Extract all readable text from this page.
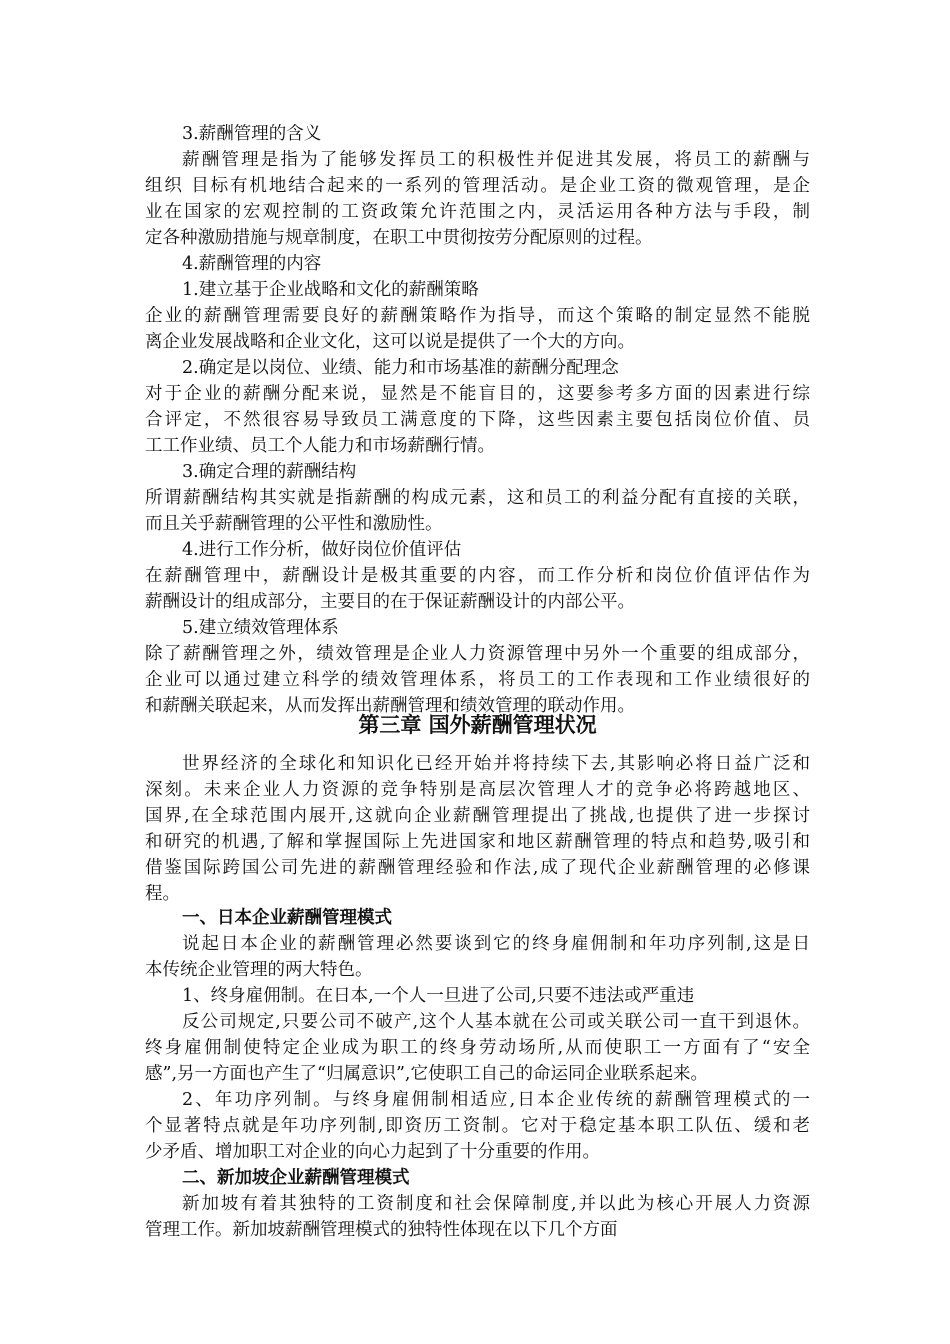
3.薪酬管理的含义
薪酬管理是指为了能够发挥员工的积极性并促进其发展，将员工的薪酬与
组织 目标有机地结合起来的一系列的管理活动。是企业工资的微观管理，是企
业在国家的宏观控制的工资政策允许范围之内，灵活运用各种方法与手段，制
定各种激励措施与规章制度，在职工中贯彻按劳分配原则的过程。
4.薪酬管理的内容
1.建立基于企业战略和文化的薪酬策略
企业的薪酬管理需要良好的薪酬策略作为指导，而这个策略的制定显然不能脱
离企业发展战略和企业文化，这可以说是提供了一个大的方向。
2.确定是以岗位、业绩、能力和市场基准的薪酬分配理念
对于企业的薪酬分配来说，显然是不能盲目的，这要参考多方面的因素进行综
合评定，不然很容易导致员工满意度的下降，这些因素主要包括岗位价值、员
工工作业绩、员工个人能力和市场薪酬行情。
3.确定合理的薪酬结构
所谓薪酬结构其实就是指薪酬的构成元素，这和员工的利益分配有直接的关联，
而且关乎薪酬管理的公平性和激励性。
4.进行工作分析，做好岗位价值评估
在薪酬管理中，薪酬设计是极其重要的内容，而工作分析和岗位价值评估作为
薪酬设计的组成部分，主要目的在于保证薪酬设计的内部公平。
5.建立绩效管理体系
除了薪酬管理之外，绩效管理是企业人力资源管理中另外一个重要的组成部分，
企业可以通过建立科学的绩效管理体系，将员工的工作表现和工作业绩很好的
和薪酬关联起来，从而发挥出薪酬管理和绩效管理的联动作用。
第三章 国外薪酬管理状况
世界经济的全球化和知识化已经开始并将持续下去,其影响必将日益广泛和
深刻。未来企业人力资源的竞争特别是高层次管理人才的竞争必将跨越地区、
国界,在全球范围内展开,这就向企业薪酬管理提出了挑战,也提供了进一步探讨
和研究的机遇,了解和掌握国际上先进国家和地区薪酬管理的特点和趋势,吸引和
借鉴国际跨国公司先进的薪酬管理经验和作法,成了现代企业薪酬管理的必修课
程。
一、日本企业薪酬管理模式
说起日本企业的薪酬管理必然要谈到它的终身雇佣制和年功序列制,这是日
本传统企业管理的两大特色。
1、终身雇佣制。在日本,一个人一旦进了公司,只要不违法或严重违
反公司规定,只要公司不破产,这个人基本就在公司或关联公司一直干到退休。
终身雇佣制使特定企业成为职工的终身劳动场所,从而使职工一方面有了“安全
感”,另一方面也产生了“归属意识”,它使职工自己的命运同企业联系起来。
2、年功序列制。与终身雇佣制相适应,日本企业传统的薪酬管理模式的一
个显著特点就是年功序列制,即资历工资制。它对于稳定基本职工队伍、缓和老
少矛盾、增加职工对企业的向心力起到了十分重要的作用。
二、新加坡企业薪酬管理模式
新加坡有着其独特的工资制度和社会保障制度,并以此为核心开展人力资源
管理工作。新加坡薪酬管理模式的独特性体现在以下几个方面
